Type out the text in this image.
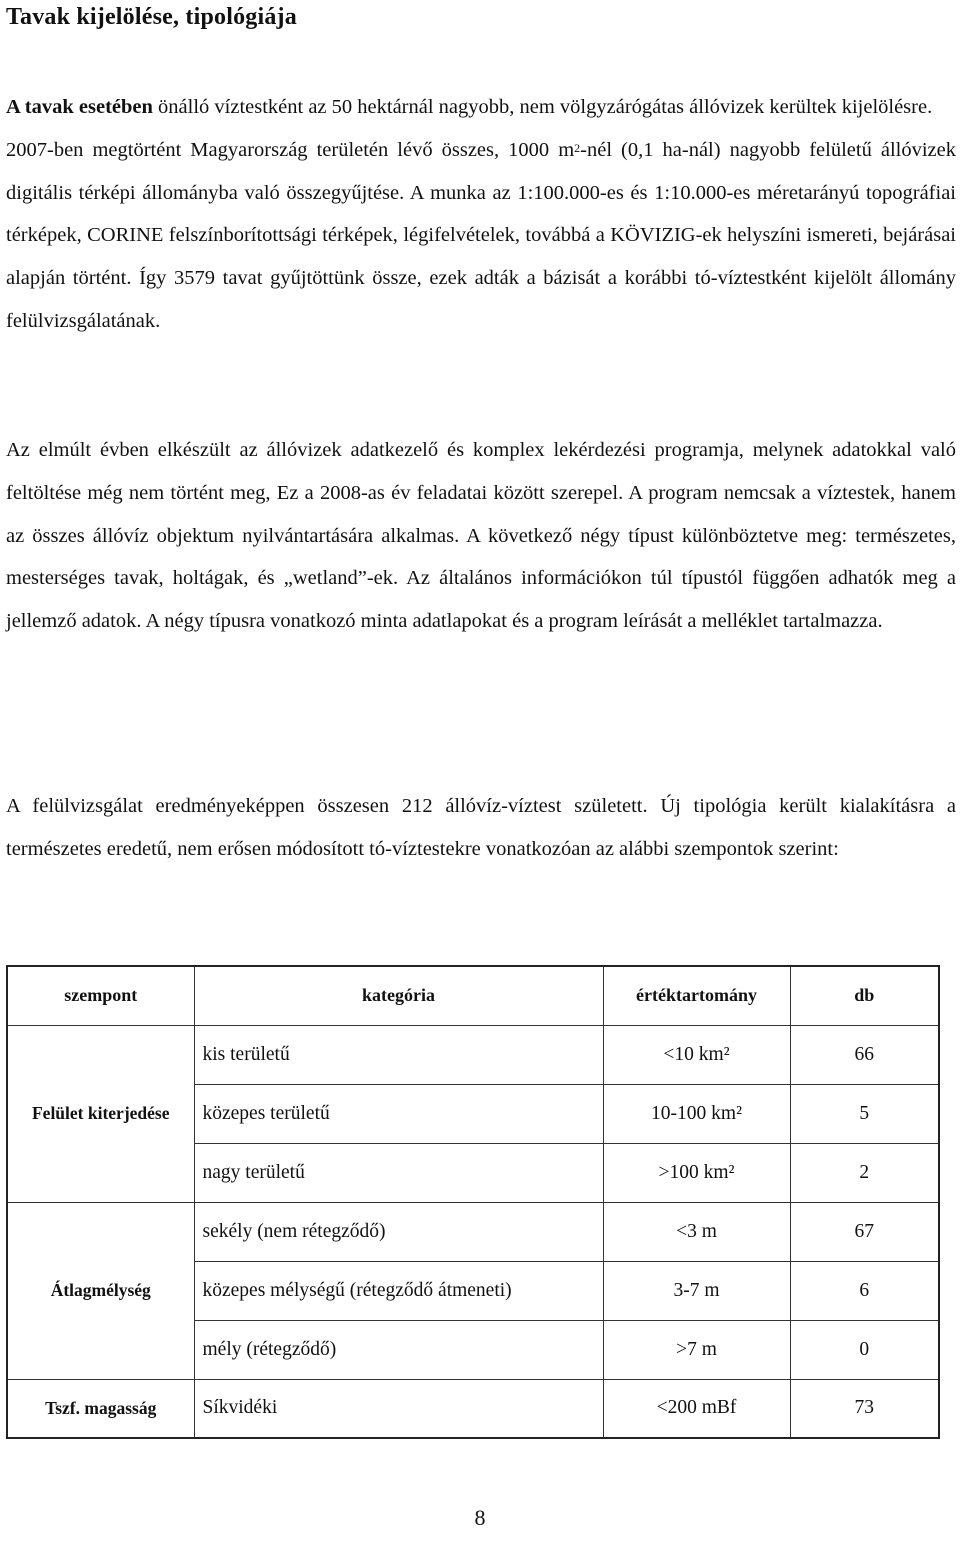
Tavak kijelölése, tipológiája

A tavak esetében önálló víztestként az 50 hektárnál nagyobb, nem völgyzárógátas állóvizek kerültek kijelölésre.
2007-ben megtörtént Magyarország területén lévő összes, 1000 $m^2$-nél (0,1 ha-nál) nagyobb felületű állóvizek digitális térképi állományba való összegyűjtése. A munka az 1:100.000-es és 1:10.000-es méretarányú topográfiai térképek, CORINE felszínborítottsági térképek, légifelvételek, továbbá a KÖVIZIG-ek helyszíni ismereti, bejárásai alapján történt. Így 3579 tavat gyűjtöttünk össze, ezek adták a bázisát a korábbi tó-víztestként kijelölt állomány felülvizsgálatának.

Az elmúlt évben elkészült az állóvizek adatkezelő és komplex lekérdezési programja, melynek adatokkal való feltöltése még nem történt meg, Ez a 2008-as év feladatai között szerepel. A program nemcsak a víztestek, hanem az összes állóvíz objektum nyilvántartására alkalmas. A következő négy típust különböztetve meg: természetes, mesterséges tavak, holtágak, és „wetland”-ek. Az általános információkon túl típustól függően adhatók meg a jellemző adatok. A négy típusra vonatkozó minta adatlapokat és a program leírását a melléklet tartalmazza.

A felülvizsgálat eredményeképpen összesen 212 állóvíz-víztest született. Új tipológia került kialakításra a természetes eredetű, nem erősen módosított tó-víztestekre vonatkozóan az alábbi szempontok szerint:

szempont	kategória	értéktartomány	db
	kis területű	<10 km²	66
Felület kiterjedése	közepes területű	10-100 km²	5
	nagy területű	>100 km²	2
	sekély (nem rétegződő)	<3 m	67
Átlagmélység	közepes mélységű (rétegződő átmeneti)	3-7 m	6
	mély (rétegződő)	>7 m	0
Tszf. magasság	Síkvidéki	<200 mBf	73
8
